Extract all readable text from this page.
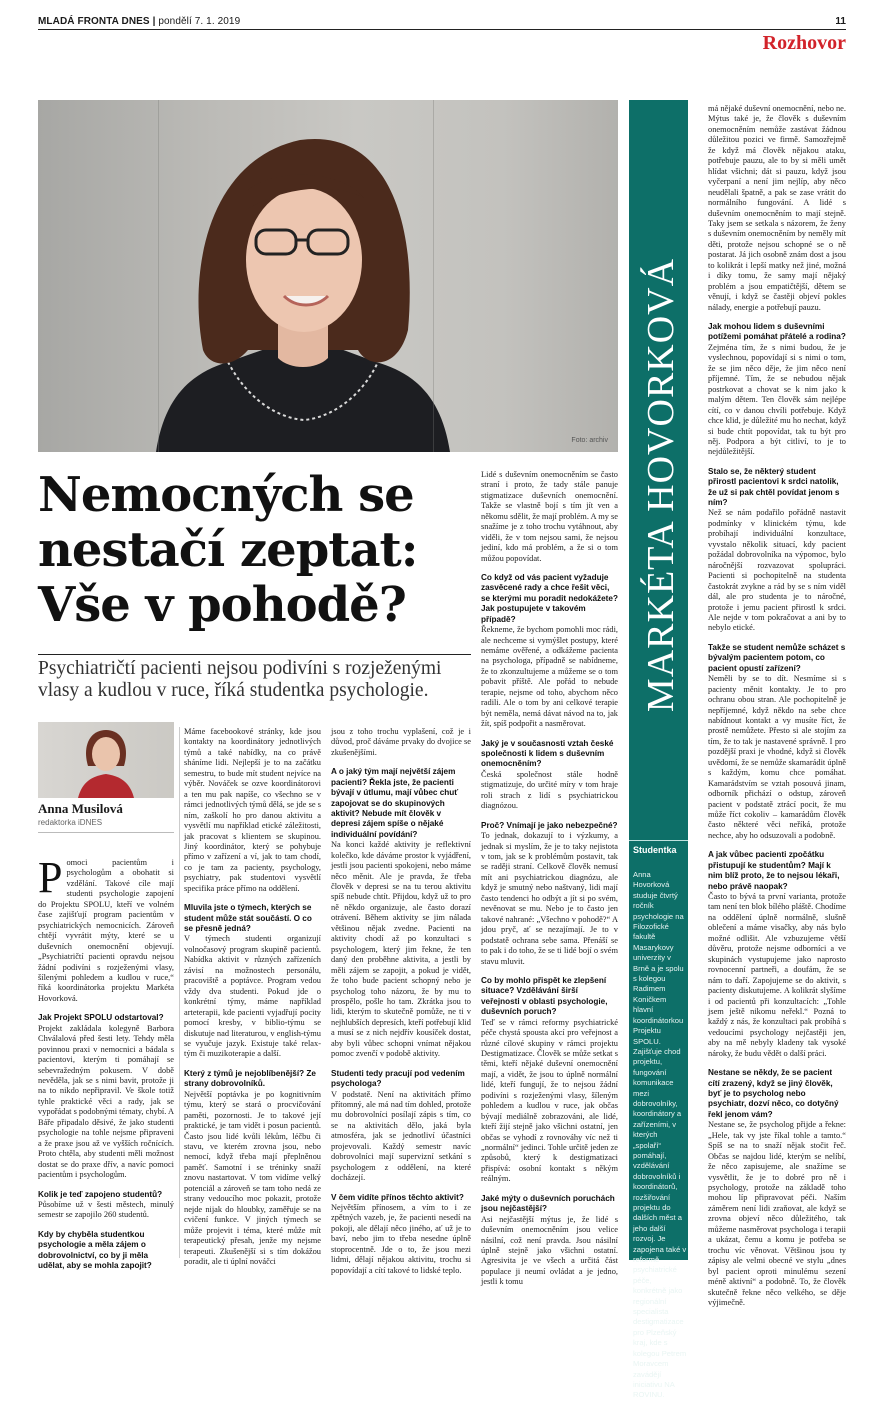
MLADÁ FRONTA DNES | pondělí 7. 1. 2019	11
Rozhovor
Foto: archiv MARKÉTA HOVORKOVÁ
Nemocných se nestačí zeptat: Vše v pohodě?
Psychiatričtí pacienti nejsou podivíni s rozježenými vlasy a kudlou v ruce, říká studentka psychologie.
Anna Musilová
redaktorka iDNES

Pomoci pacientům i psychologům a obohatit si vzdělání. Takové cíle mají studenti psychologie zapojení do Projektu SPOLU, kteří ve volném čase zajišťují program pacientům v psychiatrických nemocnicích. Zároveň chtějí vyvrátit mýty, které se u duševních onemocnění objevují. „Psychiatričtí pacienti opravdu nejsou žádní podivíni s rozježenými vlasy, šílenými pohledem a kudlou v ruce,“ říká koordinátorka projektu Markéta Hovorková.

Jak Projekt SPOLU odstartoval?

Projekt zakládala kolegyně Barbora Chválalová před šesti lety. Tehdy měla povinnou praxi v nemocnici a bádala s pacientovi, kterým ti pomáhají se sebevražedným pokusem. V době nevěděla, jak se s nimi bavit, protože ji na to nikdo nepřipravil. Ve škole totiž tyhle praktické věci a rady, jak se vypořádat s podobnými tématy, chybí. A Báře připadalo děsivé, že jako studenti psychologie na tohle nejsme připraveni a že praxe jsou až ve vyšších ročnících. Proto chtěla, aby studenti měli možnost dostat se do praxe dřív, a navíc pomoci pacientům i psychologům.

Kolik je teď zapojeno studentů?

Působíme už v šesti městech, minulý semestr se zapojilo 260 studentů.

Kdy by chyběla studentkou psychologie a měla zájem o dobrovolnictví, co by ji měla udělat, aby se mohla zapojit?

Máme facebookové stránky, kde jsou kontakty na koordinátory jednotlivých týmů a také nabídky, na co právě sháníme lidi. Nejlepší je to na začátku semestru, to bude mít student nejvíce na výběr. Nováček se ozve koordinátorovi a ten mu pak napíše, co všechno se v rámci jednotlivých týmů dělá, se jde se s ním, zaškolí ho pro danou aktivitu a vysvětlí mu například etické záležitosti, jak pracovat s klientem se skupinou. Jiný koordinátor, který se pohybuje přímo v zařízení a ví, jak to tam chodí, co je tam za pacienty, psychology, psychiatry, pak studentovi vysvětlí specifika práce přímo na oddělení.

Mluvila jste o týmech, kterých se student může stát součástí. O co se přesně jedná?

V týmech studenti organizují volnočasový program skupině pacientů. Nabídka aktivit v různých zařízeních závisí na možnostech personálu, pracoviště a poptávce. Program vedou vždy dva studenti. Pokud jde o konkrétní týmy, máme například arteterapii, kde pacienti vyjadřují pocity pomocí kresby, v biblio-týmu se diskutuje nad literaturou, v english-týmu se vyučuje jazyk. Existuje také relax-tým či muzikoterapie a další.

Který z týmů je nejoblíbenější? Ze strany dobrovolníků.

Největší poptávka je po kognitivním týmu, který se stará o procvičování paměti, pozornosti. Je to takové její praktické, je tam vidět i posun pacientů. Často jsou lidé kvůli lékům, léčbu či stavu, ve kterém zrovna jsou, nebo nemocí, když třeba mají přeplněnou paměť. Samotní i se tréninky snaží znovu nastartovat. V tom vidíme velký potenciál a zároveň se tam toho nedá ze strany vedoucího moc pokazit, protože nejde nijak do hloubky, zaměřuje se na cvičení funkce. V jiných týmech se může projevit i téma, které může mít terapeutický přesah, jenže my nejsme terapeuti. Zkušenější si s tím dokážou poradit, ale ti úplní nováčci

jsou z toho trochu vyplašení, což je i důvod, proč dáváme prvaky do dvojice se zkušenějšími.

A o jaký tým mají největší zájem pacienti? Řekla jste, že pacienti bývají v útlumu, mají vůbec chuť zapojovat se do skupinových aktivit? Nebude mít člověk v depresi zájem spíše o nějaké individuální povídání?

Na konci každé aktivity je reflektivní kolečko, kde dáváme prostor k vyjádření, jestli jsou pacienti spokojeni, nebo máme něco měnit. Ale je pravda, že třeba člověk v depresi se na tu terou aktivitu spíš nebude chtít. Přijdou, když už to pro ně někdo organizuje, ale často dorazí otrávení. Během aktivity se jim nálada většinou nějak zvedne. Pacienti na aktivity chodí až po konzultaci s psychologem, který jim řekne, že ten daný den proběhne aktivita, a jestli by měli zájem se zapojit, a pokud je vidět, že toho bude pacient schopný nebo je psycholog toho názoru, že by mu to prospělo, pošle ho tam. Zkrátka jsou to lidi, kterým to skutečně pomůže, ne ti v nejhlubších depresích, kteří potřebují klid a musí se z nich nejdřív kousíček dostat, aby byli vůbec schopni vnímat nějakou pomoc zvenčí v podobě aktivity.

Studenti tedy pracují pod vedením psychologa?

V podstatě. Není na aktivitách přímo přítomný, ale má nad tím dohled, protože mu dobrovolníci posílají zápis s tím, co se na aktivitách dělo, jaká byla atmosféra, jak se jednotliví účastníci projevovali. Každý semestr navíc dobrovolníci mají supervizní setkání s psychologem z oddělení, na které docházejí.

V čem vidíte přínos těchto aktivit?

Největším přínosem, a vím to i ze zpětných vazeb, je, že pacienti nesedí na pokoji, ale dělají něco jiného, ať už je to baví, nebo jim to třeba nesedne úplně stoprocentně. Jde o to, že jsou mezi lidmi, dělají nějakou aktivitu, trochu si popovídají a cítí takové to lidské teplo.

Lidé s duševním onemocněním se často straní i proto, že tady stále panuje stigmatizace duševních onemocnění. Takže se vlastně bojí s tím jít ven a někomu sdělit, že mají problém. A my se snažíme je z toho trochu vytáhnout, aby viděli, že v tom nejsou sami, že nejsou jediní, kdo má problém, a že si o tom můžou popovídat.

Co když od vás pacient vyžaduje zasvěcené rady a chce řešit věci, se kterými mu poradit nedokážete? Jak postupujete v takovém případě?

Řekneme, že bychom pomohli moc rádi, ale nechceme si vymýšlet postupy, které nemáme ověřené, a odkážeme pacienta na psychologa, případně se nabídneme, že to zkonzultujeme a můžeme se o tom pobavit příště. Ale pořád to nebude terapie, nejsme od toho, abychom něco radili. Ale o tom by ani celkové terapie být neměla, nemá dávat návod na to, jak žít, spíš podpořit a nasměrovat.

Jaký je v současnosti vztah české společnosti k lidem s duševním onemocněním?

Česká společnost stále hodně stigmatizuje, do určité míry v tom hraje roli strach z lidí s psychiatrickou diagnózou.

Proč? Vnímají je jako nebezpečné?

To jednak, dokazují to i výzkumy, a jednak si myslím, že je to taky nejistota v tom, jak se k problémům postavit, tak se raději straní. Celkově člověk nemusí mít ani psychiatrickou diagnózu, ale když je smutný nebo naštvaný, lidi mají často tendenci ho odbýt a jít si po svém, nevěnovat se mu. Nebo je to často jen takové nahrané: „Všechno v pohodě?“ A jdou pryč, ať se nezajímají. Je to v podstatě ochrana sebe sama. Přenáší se to pak i do toho, že se ti lidé bojí o svém stavu mluvit.

Co by mohlo přispět ke zlepšení situace? Vzdělávání širší veřejnosti v oblasti psychologie, duševních poruch?

Teď se v rámci reformy psychiatrické péče chystá spousta akcí pro veřejnost a různé cílové skupiny v rámci projektu Destigmatizace. Člověk se může setkat s těmi, kteří nějaké duševní onemocnění mají, a vidět, že jsou to úplně normální lidé, kteří fungují, že to nejsou žádní podivíni s rozježenými vlasy, šíleným pohledem a kudlou v ruce, jak občas bývají mediálně zobrazováni, ale lidé, kteří žijí stejně jako všichni ostatní, jen občas se vyhodí z rovnováhy víc než ti „normální“ jedinci. Tohle určitě jeden ze způsobů, který k destigmatizaci přispívá: osobní kontakt s někým reálným.

Jaké mýty o duševních poruchách jsou nejčastější?

Asi nejčastější mýtus je, že lidé s duševním onemocněním jsou velice násilní, což není pravda. Jsou násilní úplně stejně jako všichni ostatní. Agresivita je ve všech a určitá část populace ji neumí ovládat a je jedno, jestli k tomu

Studentka
Anna Hovorková studuje čtvrtý ročník psychologie na Filozofické fakultě Masarykovy univerzity v Brně a je spolu s kolegou Radimem Koničkem hlavní koordinátorkou Projektu SPOLU. Zajišťuje chod projektu, fungování komunikace mezi dobrovolníky, koordinátory a zařízeními, v kterých „spolaří“ pomáhají, vzdělávání dobrovolníků i koordinátorů, rozšiřování projektu do dalších měst a jeho další rozvoj. Je zapojena také v reformě psychiatrické péče, konkrétně jako regionální specialista destigmatizace pro Plzeňský kraj, kde s kolegou Petrem Moravcem zavádějí iniciativu NA ROVINU.

má nějaké duševní onemocnění, nebo ne. Mýtus také je, že člověk s duševním onemocněním nemůže zastávat žádnou důležitou pozici ve firmě. Samozřejmě že když má člověk nějakou ataku, potřebuje pauzu, ale to by si měli umět hlídat všichni; dát si pauzu, když jsou vyčerpaní a není jim nejlíp, aby něco neudělali špatně, a pak se zase vrátit do normálního fungování. A lidé s duševním onemocněním to mají stejně. Taky jsem se setkala s názorem, že ženy s duševním onemocněním by neměly mít děti, protože nejsou schopné se o ně postarat. Já jich osobně znám dost a jsou to kolikrát i lepší matky než jiné, možná i díky tomu, že samy mají nějaký problém a jsou empatičtější, dětem se věnují, i když se častěji objeví pokles nálady, energie a potřebují pauzu.

Jak mohou lidem s duševními potížemi pomáhat přátelé a rodina?

Zejména tím, že s nimi budou, že je vyslechnou, popovídají si s nimi o tom, že se jim něco děje, že jim něco není příjemné. Tím, že se nebudou nějak postrkovat a chovat se k nim jako k malým dětem. Ten člověk sám nejlépe cítí, co v danou chvíli potřebuje. Když chce klid, je důležité mu ho nechat, když si bude chtít popovídat, tak tu být pro něj. Podpora a být citliví, to je to nejdůležitější.

Stalo se, že některý student přirostl pacientovi k srdci natolik, že už si pak chtěl povídat jenom s ním?

Než se nám podařilo pořádně nastavit podmínky v klinickém týmu, kde probíhají individuální konzultace, vyvstalo několik situací, kdy pacient požádal dobrovolníka na výpomoc, bylo náročnější rozvazovat spolupráci. Pacienti si pochopitelně na studenta častokrát zvykne a rád by se s ním viděl dál, ale pro studenta je to náročné, protože i jemu pacient přirostl k srdci. Ale nejde v tom pokračovat a ani by to nebylo etické.

Takže se student nemůže scházet s bývalým pacientem potom, co pacient opustí zařízení?

Neměli by se to dít. Nesmíme si s pacienty měnit kontakty. Je to pro ochranu obou stran. Ale pochopitelně je nepříjemné, když někdo na sebe chce nabídnout kontakt a vy musíte říct, že prostě nemůžete. Přesto si ale stojím za tím, že to tak je nastavené správně. I pro pozdější praxi je vhodné, když si člověk uvědomí, že se nemůže skamarádit úplně s každým, komu chce pomáhat. Kamarádstvím se vztah posouvá jinam, odborník přichází o odstup, zároveň pacient v podstatě ztrácí pocit, že mu může říct cokoliv – kamarádům člověk často některé věci neříká, protože nechce, aby ho odsuzovali a podobně.

A jak vůbec pacienti zpočátku přistupují ke studentům? Mají k nim blíž proto, že to nejsou lékaři, nebo právě naopak?

Často to bývá ta první varianta, protože tam není ten blok bílého pláště. Chodíme na oddělení úplně normálně, slušně oblečení a máme visačky, aby nás bylo možné odlišit. Ale vzbuzujeme větší důvěru, protože nejsme odborníci a ve skupinách vystupujeme jako naprosto rovnocenní partneři, a doufám, že se nám to daří. Zapojujeme se do aktivit, s pacienty diskutujeme. A kolikrát slyšíme i od pacientů při konzultacích: „Tohle jsem ještě nikomu neřekl.“ Pozná to každý z nás, že konzultaci pak probíhá s vedoucími psychology nejčastěji jen, aby na mě nebyly kladeny tak vysoké nároky, že budu vědět o další práci.

Nestane se někdy, že se pacient cítí zrazený, když se jiný člověk, byť je to psycholog nebo psychiatr, dozví něco, co dotyčný řekl jenom vám?

Nestane se, že psycholog přijde a řekne: „Hele, tak vy jste říkal tohle a tamto.“ Spíš se na to snaží nějak stočit řeč. Občas se najdou lidé, kterým se nelíbí, že něco zapisujeme, ale snažíme se vysvětlit, že je to dobré pro ně i psychology, protože na základě toho mohou líp připravovat péči. Naším záměrem není lidi zraňovat, ale když se zrovna objeví něco důležitého, tak můžeme nasměrovat psychologa i terapii a ukázat, čemu a komu je potřeba se trochu víc věnovat. Většinou jsou ty zápisy ale velmi obecné ve stylu „dnes byl pacient oproti minulému sezení méně aktivní“ a podobně. To, že člověk skutečně řekne něco velkého, se děje výjimečně.
